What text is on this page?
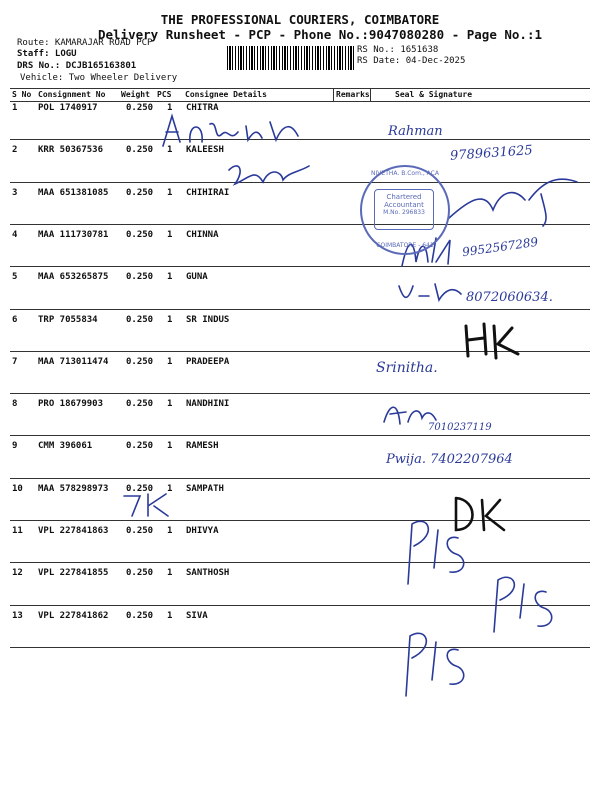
THE PROFESSIONAL COURIERS, COIMBATORE
Delivery Runsheet - PCP - Phone No.:9047080280 - Page No.:1
Route: KAMARAJAR ROAD PCP
Staff: LOGU
DRS No.: DCJB165163801
Vehicle: Two Wheeler Delivery
RS No.: 1651638
RS Date: 04-Dec-2025
S No Consignment No Weight PCS Consignee Details	Remarks	Seal & Signature
1 POL 1740917	0.250 1 CHITRA
2 KRR 50367536	0.250 1 KALEESH
3 MAA 651381085 0.250 1 CHIHIRAI
4 MAA 111730781 0.250 1 CHINNA
5 MAA 653265875 0.250 1 GUNA
6 TRP 7055834	0.250 1 SR INDUS
7 MAA 713011474 0.250 1 PRADEEPA
8 PRO 18679903	0.250 1 NANDHINI
9 CMM 396061	0.250 1 RAMESH
10 MAA 578298973 0.250 1 SAMPATH
11 VPL 227841863 0.250 1 DHIVYA
12 VPL 227841855 0.250 1 SANTHOSH
13 VPL 227841862 0.250 1 SIVA
Rahman
9789631625
9952567289
8072060634.
Srinitha.
7010237119
Pwija. 7402207964
NIVETHA. B.Com., ACA
Chartered
Accountant
M.No. 296833
COIMBATORE - 641
